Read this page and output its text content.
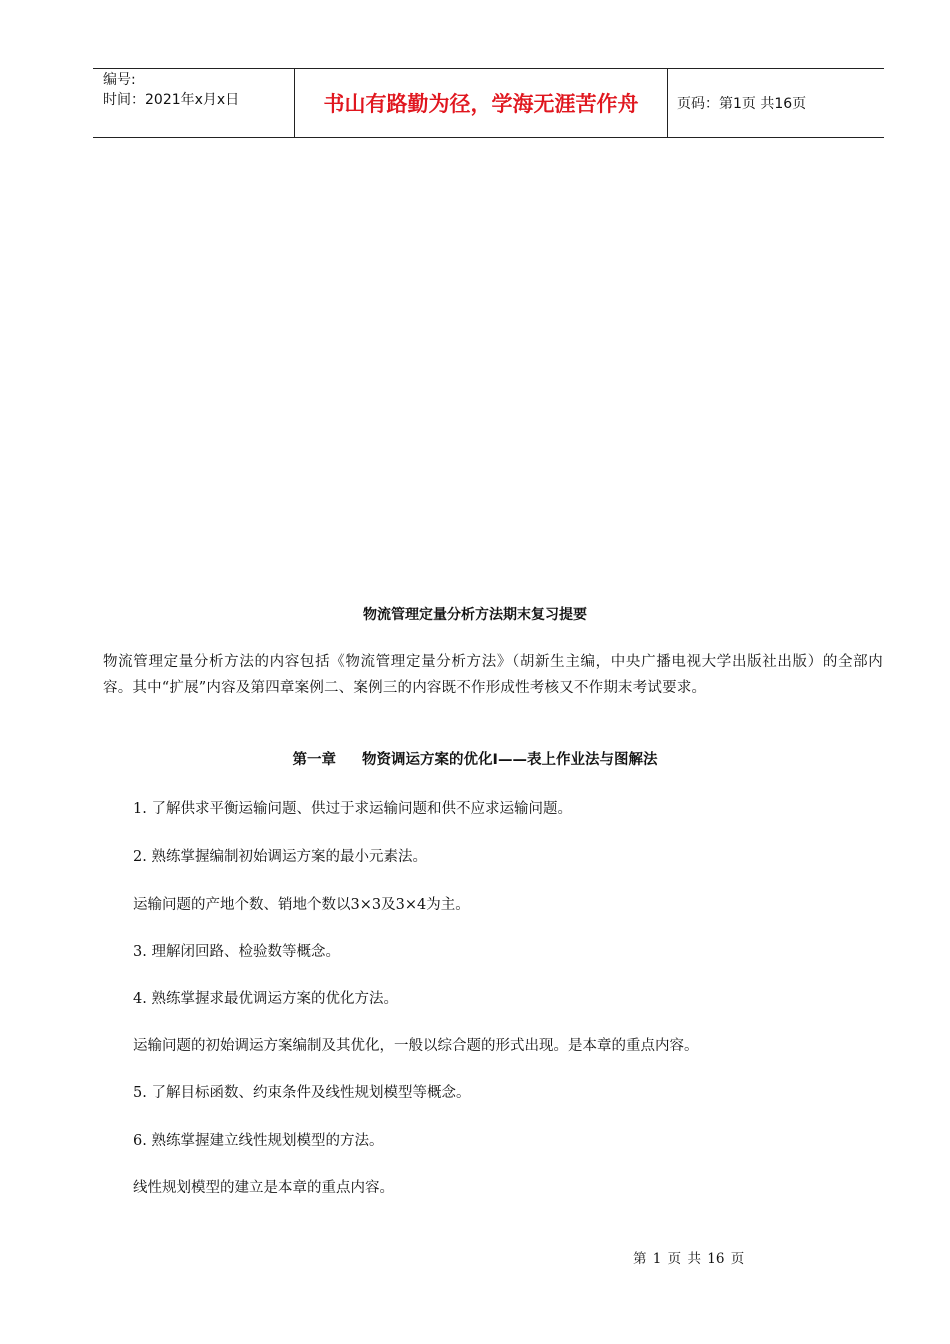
编号:
时间：2021年x月x日	书山有路勤为径，学海无涯苦作舟	页码：第1页 共16页
物流管理定量分析方法期末复习提要
物流管理定量分析方法的内容包括《物流管理定量分析方法》（胡新生主编，中央广播电视大学出版社出版）的全部内容。其中“扩展”内容及第四章案例二、案例三的内容既不作形成性考核又不作期末考试要求。
第一章 物资调运方案的优化Ⅰ——表上作业法与图解法
1. 了解供求平衡运输问题、供过于求运输问题和供不应求运输问题。
2. 熟练掌握编制初始调运方案的最小元素法。
运输问题的产地个数、销地个数以3×3及3×4为主。
3. 理解闭回路、检验数等概念。
4. 熟练掌握求最优调运方案的优化方法。
运输问题的初始调运方案编制及其优化，一般以综合题的形式出现。是本章的重点内容。
5. 了解目标函数、约束条件及线性规划模型等概念。
6. 熟练掌握建立线性规划模型的方法。
线性规划模型的建立是本章的重点内容。
第 1 页 共 16 页
